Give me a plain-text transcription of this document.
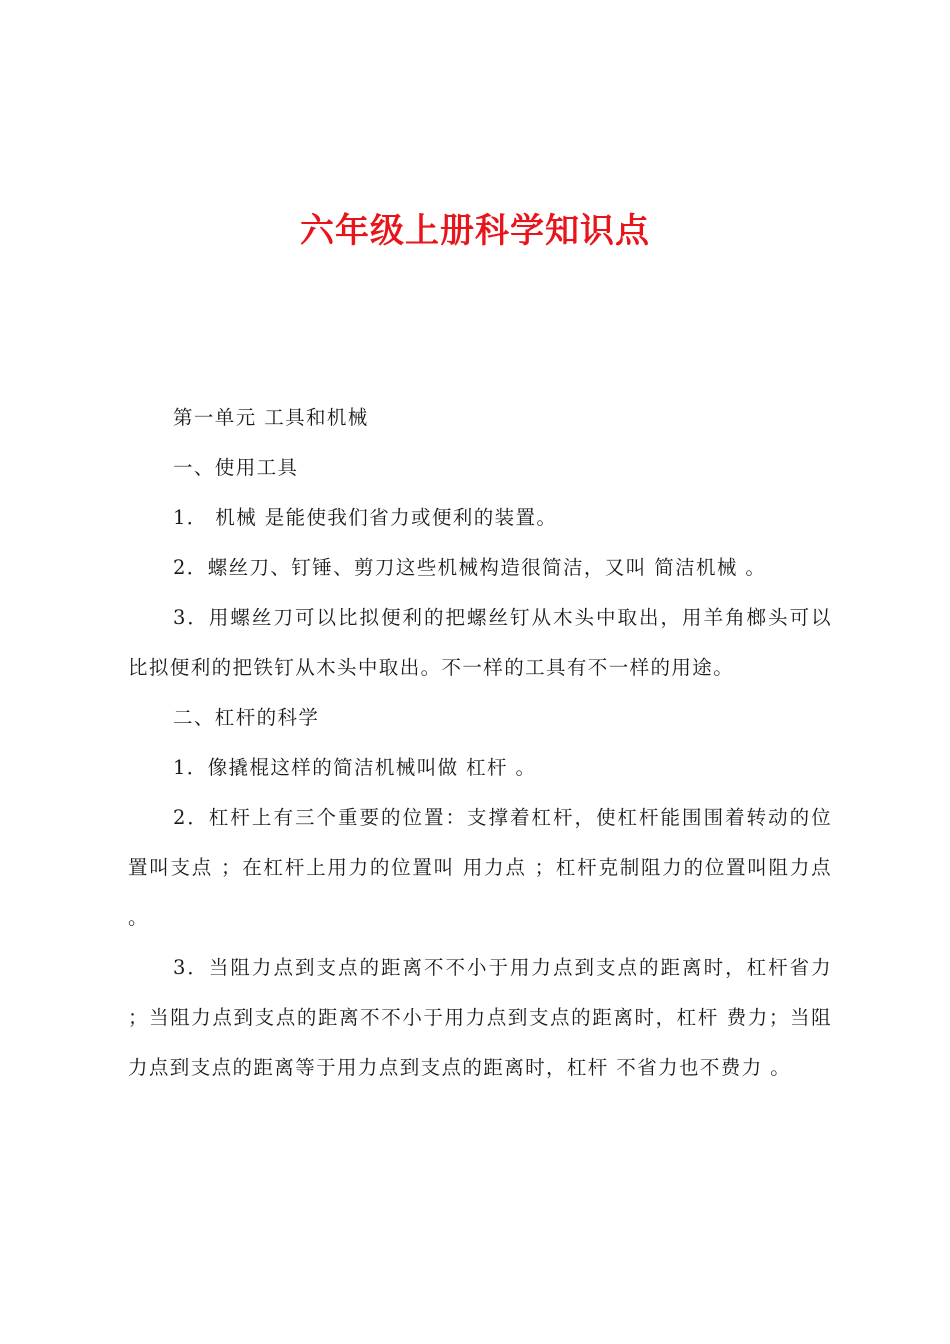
六年级上册科学知识点

第一单元 工具和机械

一、使用工具

1． 机械 是能使我们省力或便利的装置。

2．螺丝刀、钉锤、剪刀这些机械构造很简洁，又叫 简洁机械 。

3．用螺丝刀可以比拟便利的把螺丝钉从木头中取出，用羊角榔头可以比拟便利的把铁钉从木头中取出。不一样的工具有不一样的用途。

二、杠杆的科学

1．像撬棍这样的简洁机械叫做 杠杆 。

2．杠杆上有三个重要的位置：支撑着杠杆，使杠杆能围围着转动的位置叫支点 ；在杠杆上用力的位置叫 用力点 ；杠杆克制阻力的位置叫阻力点 。

3．当阻力点到支点的距离不不小于用力点到支点的距离时，杠杆省力 ；当阻力点到支点的距离不不小于用力点到支点的距离时，杠杆 费力；当阻力点到支点的距离等于用力点到支点的距离时，杠杆 不省力也不费力 。
